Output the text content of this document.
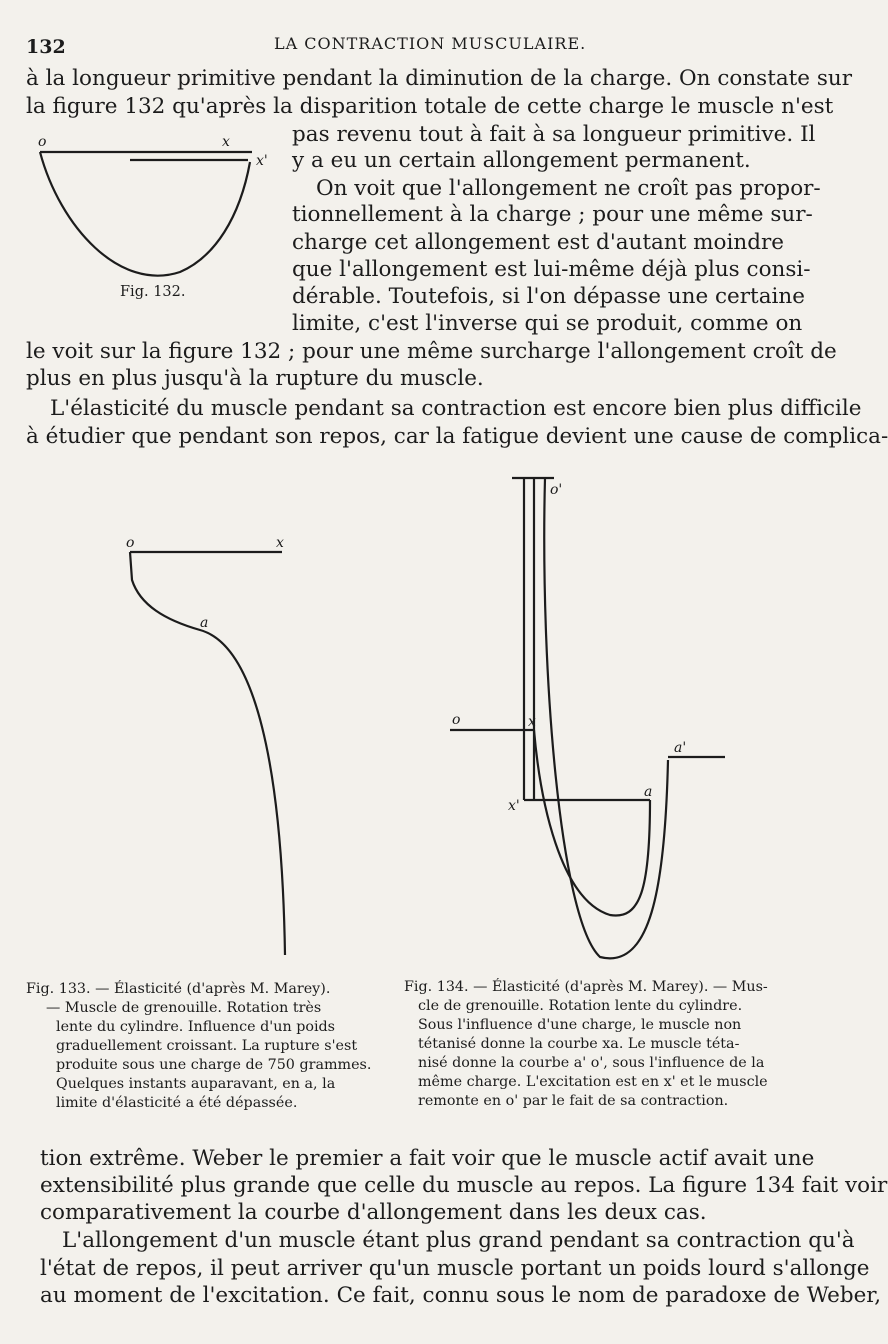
132	LA CONTRACTION MUSCULAIRE.
à la longueur primitive pendant la diminution de la charge. On constate sur
la figure 132 qu'après la disparition totale de cette charge le muscle n'est
pas revenu tout à fait à sa longueur primitive. Il
y a eu un certain allongement permanent.
o	x
x'
Fig. 132.
On voit que l'allongement ne croît pas propor-
tionnellement à la charge ; pour une même sur-
charge cet allongement est d'autant moindre
que l'allongement est lui-même déjà plus consi-
dérable. Toutefois, si l'on dépasse une certaine
limite, c'est l'inverse qui se produit, comme on
le voit sur la figure 132 ; pour une même surcharge l'allongement croît de
plus en plus jusqu'à la rupture du muscle.
L'élasticité du muscle pendant sa contraction est encore bien plus difficile
à étudier que pendant son repos, car la fatigue devient une cause de complica-
o	x
a
o'
o	x
x'
a
a'
Fig. 133. — Élasticité (d'après M. Marey).
— Muscle de grenouille. Rotation très
lente du cylindre. Influence d'un poids
graduellement croissant. La rupture s'est
produite sous une charge de 750 grammes.
Quelques instants auparavant, en a, la
limite d'élasticité a été dépassée.
Fig. 134. — Élasticité (d'après M. Marey). — Mus-
cle de grenouille. Rotation lente du cylindre.
Sous l'influence d'une charge, le muscle non
tétanisé donne la courbe xa. Le muscle téta-
nisé donne la courbe a' o', sous l'influence de la
même charge. L'excitation est en x' et le muscle
remonte en o' par le fait de sa contraction.
tion extrême. Weber le premier a fait voir que le muscle actif avait une
extensibilité plus grande que celle du muscle au repos. La figure 134 fait voir
comparativement la courbe d'allongement dans les deux cas.
L'allongement d'un muscle étant plus grand pendant sa contraction qu'à
l'état de repos, il peut arriver qu'un muscle portant un poids lourd s'allonge
au moment de l'excitation. Ce fait, connu sous le nom de paradoxe de Weber,
